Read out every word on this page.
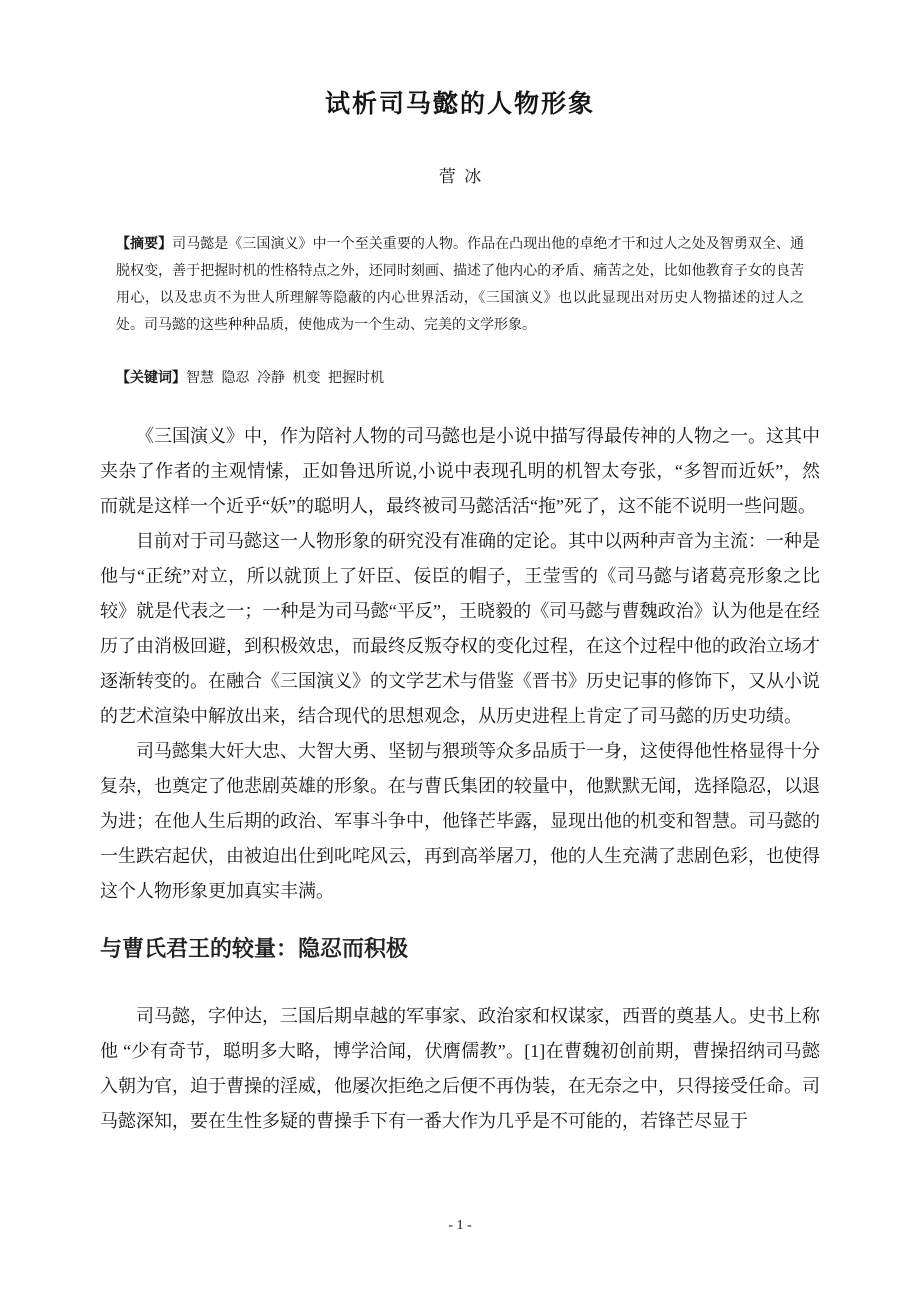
试析司马懿的人物形象
菅  冰

【摘要】司马懿是《三国演义》中一个至关重要的人物。作品在凸现出他的卓绝才干和过人之处及智勇双全、通脱权变，善于把握时机的性格特点之外，还同时刻画、描述了他内心的矛盾、痛苦之处，比如他教育子女的良苦用心，以及忠贞不为世人所理解等隐蔽的内心世界活动，《三国演义》也以此显现出对历史人物描述的过人之处。司马懿的这些种种品质，使他成为一个生动、完美的文学形象。

【关键词】智慧 隐忍 冷静 机变 把握时机

《三国演义》中，作为陪衬人物的司马懿也是小说中描写得最传神的人物之一。这其中夹杂了作者的主观情愫，正如鲁迅所说,小说中表现孔明的机智太夸张，“多智而近妖”，然而就是这样一个近乎“妖”的聪明人，最终被司马懿活活“拖”死了，这不能不说明一些问题。

目前对于司马懿这一人物形象的研究没有准确的定论。其中以两种声音为主流：一种是他与“正统”对立，所以就顶上了奸臣、佞臣的帽子，王莹雪的《司马懿与诸葛亮形象之比较》就是代表之一；一种是为司马懿“平反”，王晓毅的《司马懿与曹魏政治》认为他是在经历了由消极回避，到积极效忠，而最终反叛夺权的变化过程，在这个过程中他的政治立场才逐渐转变的。在融合《三国演义》的文学艺术与借鉴《晋书》历史记事的修饰下，又从小说的艺术渲染中解放出来，结合现代的思想观念，从历史进程上肯定了司马懿的历史功绩。

司马懿集大奸大忠、大智大勇、坚韧与猥琐等众多品质于一身，这使得他性格显得十分复杂，也奠定了他悲剧英雄的形象。在与曹氏集团的较量中，他默默无闻，选择隐忍，以退为进；在他人生后期的政治、军事斗争中，他锋芒毕露，显现出他的机变和智慧。司马懿的一生跌宕起伏，由被迫出仕到叱咤风云，再到高举屠刀，他的人生充满了悲剧色彩，也使得这个人物形象更加真实丰满。

与曹氏君王的较量：隐忍而积极

司马懿，字仲达，三国后期卓越的军事家、政治家和权谋家，西晋的奠基人。史书上称他 “少有奇节，聪明多大略，博学洽闻，伏膺儒教”。[1]在曹魏初创前期，曹操招纳司马懿入朝为官，迫于曹操的淫威，他屡次拒绝之后便不再伪装，在无奈之中，只得接受任命。司马懿深知，要在生性多疑的曹操手下有一番大作为几乎是不可能的，若锋芒尽显于

- 1 -
